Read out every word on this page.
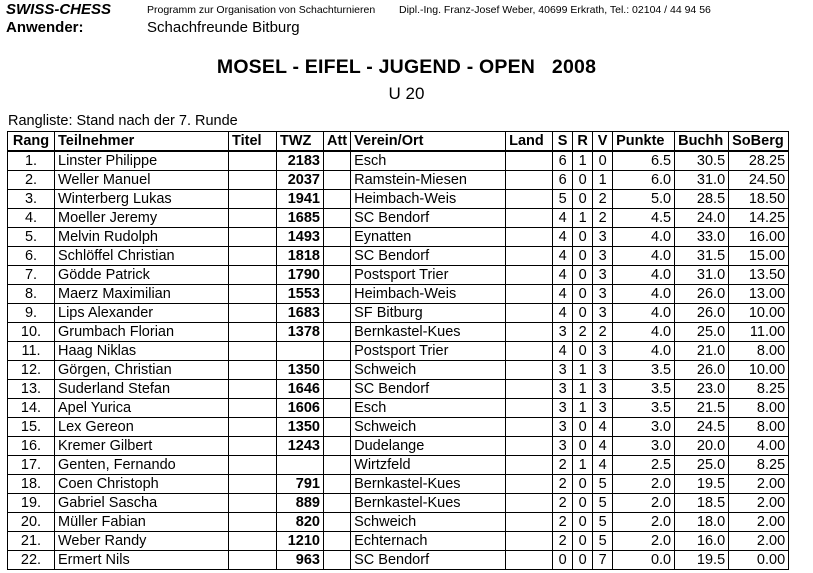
SWISS-CHESS	Programm zur Organisation von Schachturnieren Dipl.-Ing. Franz-Josef Weber, 40699 Erkrath, Tel.: 02104 / 44 94 56
Anwender:	Schachfreunde Bitburg
MOSEL - EIFEL - JUGEND - OPEN   2008
U 20
Rangliste: Stand nach der 7. Runde
Rang	Teilnehmer	Titel	TWZ	Att	Verein/Ort	Land	S	R	V	Punkte	Buchh	SoBerg
1.	Linster Philippe		2183		Esch		6	1	0	6.5	30.5	28.25
2.	Weller Manuel		2037		Ramstein-Miesen		6	0	1	6.0	31.0	24.50
3.	Winterberg Lukas		1941		Heimbach-Weis		5	0	2	5.0	28.5	18.50
4.	Moeller Jeremy		1685		SC Bendorf		4	1	2	4.5	24.0	14.25
5.	Melvin Rudolph		1493		Eynatten		4	0	3	4.0	33.0	16.00
6.	Schlöffel Christian		1818		SC Bendorf		4	0	3	4.0	31.5	15.00
7.	Gödde Patrick		1790		Postsport Trier		4	0	3	4.0	31.0	13.50
8.	Maerz Maximilian		1553		Heimbach-Weis		4	0	3	4.0	26.0	13.00
9.	Lips Alexander		1683		SF Bitburg		4	0	3	4.0	26.0	10.00
10.	Grumbach Florian		1378		Bernkastel-Kues		3	2	2	4.0	25.0	11.00
11.	Haag Niklas				Postsport Trier		4	0	3	4.0	21.0	8.00
12.	Görgen, Christian		1350		Schweich		3	1	3	3.5	26.0	10.00
13.	Suderland Stefan		1646		SC Bendorf		3	1	3	3.5	23.0	8.25
14.	Apel Yurica		1606		Esch		3	1	3	3.5	21.5	8.00
15.	Lex Gereon		1350		Schweich		3	0	4	3.0	24.5	8.00
16.	Kremer Gilbert		1243		Dudelange		3	0	4	3.0	20.0	4.00
17.	Genten, Fernando				Wirtzfeld		2	1	4	2.5	25.0	8.25
18.	Coen Christoph		791		Bernkastel-Kues		2	0	5	2.0	19.5	2.00
19.	Gabriel Sascha		889		Bernkastel-Kues		2	0	5	2.0	18.5	2.00
20.	Müller Fabian		820		Schweich		2	0	5	2.0	18.0	2.00
21.	Weber Randy		1210		Echternach		2	0	5	2.0	16.0	2.00
22.	Ermert Nils		963		SC Bendorf		0	0	7	0.0	19.5	0.00
